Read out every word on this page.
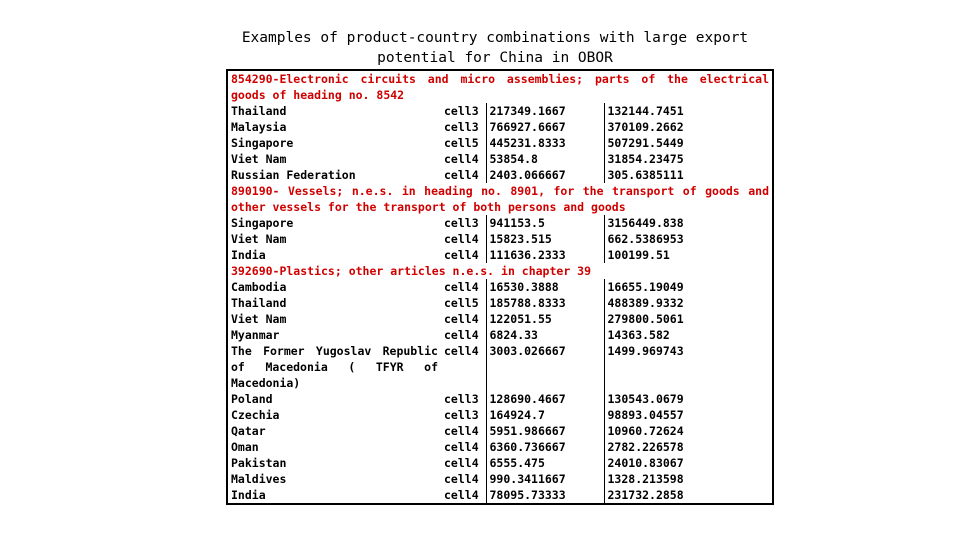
Examples of product-country combinations with large export
potential for China in OBOR
854290-Electronic circuits and micro assemblies; parts of the electrical			
goods of heading no. 8542			
Thailand	cell3	217349.1667	132144.7451
Malaysia	cell3	766927.6667	370109.2662
Singapore	cell5	445231.8333	507291.5449
Viet Nam	cell4	53854.8	31854.23475
Russian Federation	cell4	2403.066667	305.6385111
890190- Vessels; n.e.s. in heading no. 8901, for the transport of goods and			
other vessels for the transport of both persons and goods			
Singapore	cell3	941153.5	3156449.838
Viet Nam	cell4	15823.515	662.5386953
India	cell4	111636.2333	100199.51
392690-Plastics; other articles n.e.s. in chapter 39			
Cambodia	cell4	16530.3888	16655.19049
Thailand	cell5	185788.8333	488389.9332
Viet Nam	cell4	122051.55	279800.5061
Myanmar	cell4	6824.33	14363.582

The Former Yugoslav Republic of Macedonia ( TFYR of Macedonia)	cell4	3003.026667	1499.969743
Poland	cell3	128690.4667	130543.0679
Czechia	cell3	164924.7	98893.04557
Qatar	cell4	5951.986667	10960.72624
Oman	cell4	6360.736667	2782.226578
Pakistan	cell4	6555.475	24010.83067
Maldives	cell4	990.3411667	1328.213598
India	cell4	78095.73333	231732.2858
